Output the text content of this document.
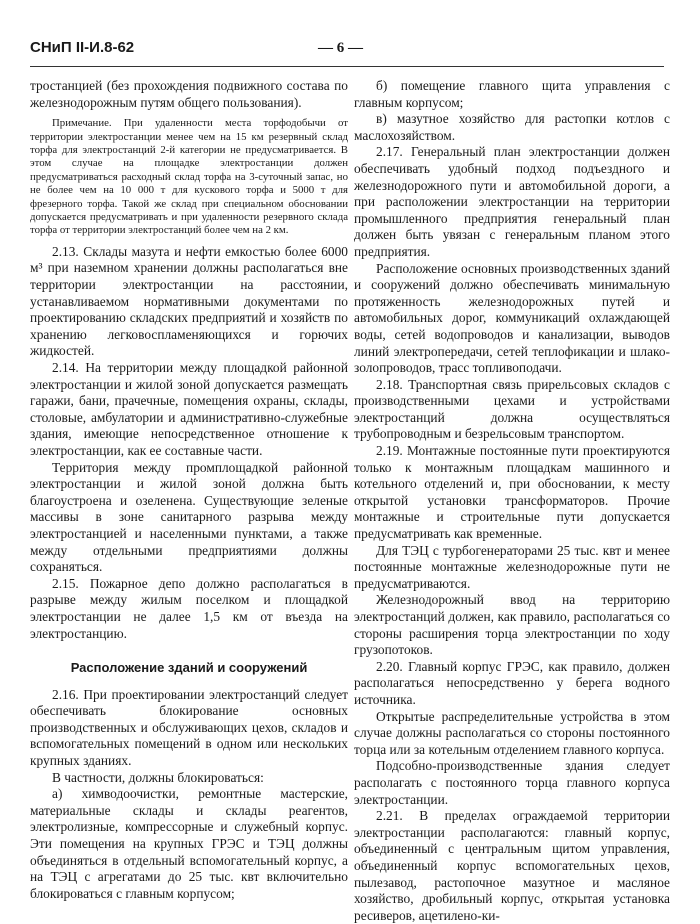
СНиП II-И.8-62	— 6 —

тростанцией (без прохождения подвижного состава по железнодорожным путям общего пользования).

Примечание. При удаленности места торфодобычи от территории электростанции менее чем на 15 км резервный склад торфа для электростанций 2-й категории не предусматривается. В этом случае на площадке электростанции должен предусматриваться расходный склад торфа на 3-суточный запас, но не более чем на 10 000 т для кускового торфа и 5000 т для фрезерного торфа. Такой же склад при специальном обосновании допускается предусматривать и при удаленности резервного склада торфа от территории электростанций более чем на 2 км.

2.13. Склады мазута и нефти емкостью более 6000 м³ при наземном хранении должны располагаться вне территории электростанции на расстоянии, устанавливаемом нормативными документами по проектированию складских предприятий и хозяйств по хранению легковоспламеняющихся и горючих жидкостей.

2.14. На территории между площадкой районной электростанции и жилой зоной допускается размещать гаражи, бани, прачечные, помещения охраны, склады, столовые, амбулатории и административно-служебные здания, имеющие непосредственное отношение к электростанции, как ее составные части.

Территория между промплощадкой районной электростанции и жилой зоной должна быть благоустроена и озеленена. Существующие зеленые массивы в зоне санитарного разрыва между электростанцией и населенными пунктами, а также между отдельными предприятиями должны сохраняться.

2.15. Пожарное депо должно располагаться в разрыве между жилым поселком и площадкой электростанции не далее 1,5 км от въезда на электростанцию.

Расположение зданий и сооружений

2.16. При проектировании электростанций следует обеспечивать блокирование основных производственных и обслуживающих цехов, складов и вспомогательных помещений в одном или нескольких крупных зданиях.

В частности, должны блокироваться:

а) химводоочистки, ремонтные мастерские, материальные склады и склады реагентов, электролизные, компрессорные и служебный корпус. Эти помещения на крупных ГРЭС и ТЭЦ должны объединяться в отдельный вспомогательный корпус, а на ТЭЦ с агрегатами до 25 тыс. квт включительно блокироваться с главным корпусом;

б) помещение главного щита управления с главным корпусом;

в) мазутное хозяйство для растопки котлов с маслохозяйством.

2.17. Генеральный план электростанции должен обеспечивать удобный подход подъездного и железнодорожного пути и автомобильной дороги, а при расположении электростанции на территории промышленного предприятия генеральный план должен быть увязан с генеральным планом этого предприятия.

Расположение основных производственных зданий и сооружений должно обеспечивать минимальную протяженность железнодорожных путей и автомобильных дорог, коммуникаций охлаждающей воды, сетей водопроводов и канализации, выводов линий электропередачи, сетей теплофикации и шлако-золопроводов, трасс топливоподачи.

2.18. Транспортная связь прирельсовых складов с производственными цехами и устройствами электростанций должна осуществляться трубопроводным и безрельсовым транспортом.

2.19. Монтажные постоянные пути проектируются только к монтажным площадкам машинного и котельного отделений и, при обосновании, к месту открытой установки трансформаторов. Прочие монтажные и строительные пути допускается предусматривать как временные.

Для ТЭЦ с турбогенераторами 25 тыс. квт и менее постоянные монтажные железнодорожные пути не предусматриваются.

Железнодорожный ввод на территорию электростанций должен, как правило, располагаться со стороны расширения торца электростанции по ходу грузопотоков.

2.20. Главный корпус ГРЭС, как правило, должен располагаться непосредственно у берега водного источника.

Открытые распределительные устройства в этом случае должны располагаться со стороны постоянного торца или за котельным отделением главного корпуса.

Подсобно-производственные здания следует располагать с постоянного торца главного корпуса электростанции.

2.21. В пределах ограждаемой территории электростанции располагаются: главный корпус, объединенный с центральным щитом управления, объединенный корпус вспомогательных цехов, пылезавод, растопочное мазутное и масляное хозяйство, дробильный корпус, открытая установка ресиверов, ацетилено-ки-
